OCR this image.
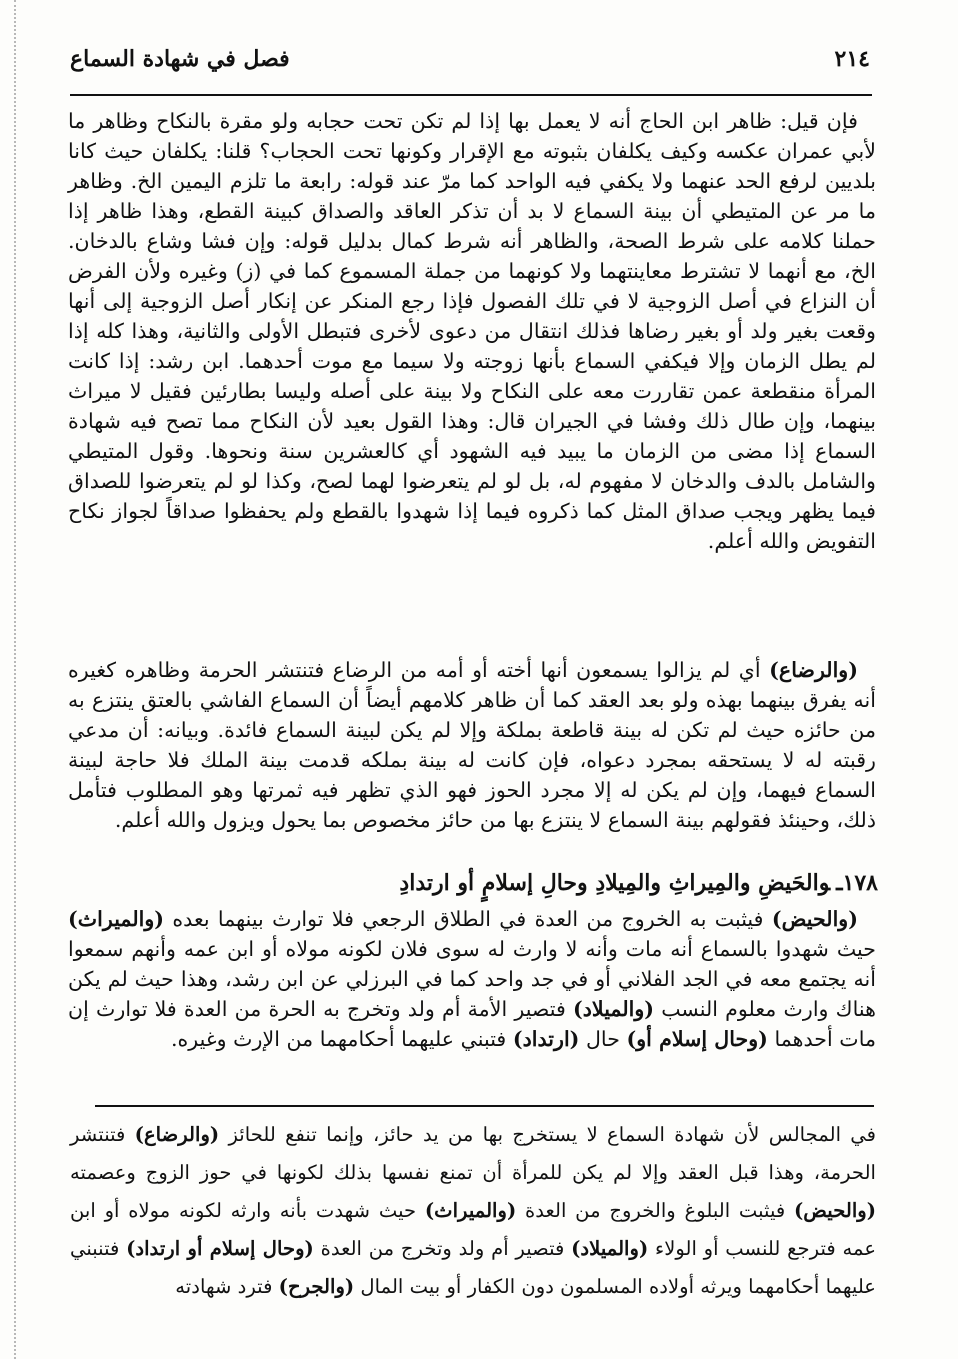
٢١٤
فصل في شهادة السماع

فإن قيل: ظاهر ابن الحاج أنه لا يعمل بها إذا لم تكن تحت حجابه ولو مقرة بالنكاح وظاهر ما لأبي عمران عكسه وكيف يكلفان بثبوته مع الإقرار وكونها تحت الحجاب؟ قلنا: يكلفان حيث كانا بلديين لرفع الحد عنهما ولا يكفي فيه الواحد كما مرّ عند قوله: رابعة ما تلزم اليمين الخ. وظاهر ما مر عن المتيطي أن بينة السماع لا بد أن تذكر العاقد والصداق كبينة القطع، وهذا ظاهر إذا حملنا كلامه على شرط الصحة، والظاهر أنه شرط كمال بدليل قوله: وإن فشا وشاع بالدخان. الخ، مع أنهما لا تشترط معاينتهما ولا كونهما من جملة المسموع كما في (ز) وغيره ولأن الفرض أن النزاع في أصل الزوجية لا في تلك الفصول فإذا رجع المنكر عن إنكار أصل الزوجية إلى أنها وقعت بغير ولد أو بغير رضاها فذلك انتقال من دعوى لأخرى فتبطل الأولى والثانية، وهذا كله إذا لم يطل الزمان وإلا فيكفي السماع بأنها زوجته ولا سيما مع موت أحدهما. ابن رشد: إذا كانت المرأة منقطعة عمن تقاررت معه على النكاح ولا بينة على أصله وليسا بطارئين فقيل لا ميراث بينهما، وإن طال ذلك وفشا في الجيران قال: وهذا القول بعيد لأن النكاح مما تصح فيه شهادة السماع إذا مضى من الزمان ما يبيد فيه الشهود أي كالعشرين سنة ونحوها. وقول المتيطي والشامل بالدف والدخان لا مفهوم له، بل لو لم يتعرضوا لهما لصح، وكذا لو لم يتعرضوا للصداق فيما يظهر ويجب صداق المثل كما ذكروه فيما إذا شهدوا بالقطع ولم يحفظوا صداقاً لجواز نكاح التفويض والله أعلم.

(والرضاع) أي لم يزالوا يسمعون أنها أخته أو أمه من الرضاع فتنتشر الحرمة وظاهره كغيره أنه يفرق بينهما بهذه ولو بعد العقد كما أن ظاهر كلامهم أيضاً أن السماع الفاشي بالعتق ينتزع به من حائزه حيث لم تكن له بينة قاطعة بملكة وإلا لم يكن لبينة السماع فائدة. وبيانه: أن مدعي رقبته له لا يستحقه بمجرد دعواه، فإن كانت له بينة بملكه قدمت بينة الملك فلا حاجة لبينة السماع فيهما، وإن لم يكن له إلا مجرد الحوز فهو الذي تظهر فيه ثمرتها وهو المطلوب فتأمل ذلك، وحينئذ فقولهم بينة السماع لا ينتزع بها من حائز مخصوص بما يحول ويزول والله أعلم.

١٧٨ـوالحَيضِ والمِيراثِ والمِيلادِ وحالِ إسلامٍ أو ارتدادِ

(والحيض) فيثبت به الخروج من العدة في الطلاق الرجعي فلا توارث بينهما بعده (والميراث) حيث شهدوا بالسماع أنه مات وأنه لا وارث له سوى فلان لكونه مولاه أو ابن عمه وأنهم سمعوا أنه يجتمع معه في الجد الفلاني أو في جد واحد كما في البرزلي عن ابن رشد، وهذا حيث لم يكن هناك وارث معلوم النسب (والميلاد) فتصير الأمة أم ولد وتخرج به الحرة من العدة فلا توارث إن مات أحدهما (وحال إسلام أو) حال (ارتداد) فتبني عليهما أحكامهما من الإرث وغيره.

في المجالس لأن شهادة السماع لا يستخرج بها من يد حائز، وإنما تنفع للحائز (والرضاع) فتنتشر الحرمة، وهذا قبل العقد وإلا لم يكن للمرأة أن تمنع نفسها بذلك لكونها في حوز الزوج وعصمته (والحيض) فيثبت البلوغ والخروج من العدة (والميراث) حيث شهدت بأنه وارثه لكونه مولاه أو ابن عمه فترجع للنسب أو الولاء (والميلاد) فتصير أم ولد وتخرج من العدة (وحال إسلام أو ارتداد) فتنبني عليهما أحكامهما ويرثه أولاده المسلمون دون الكفار أو بيت المال (والجرح) فترد شهادته
